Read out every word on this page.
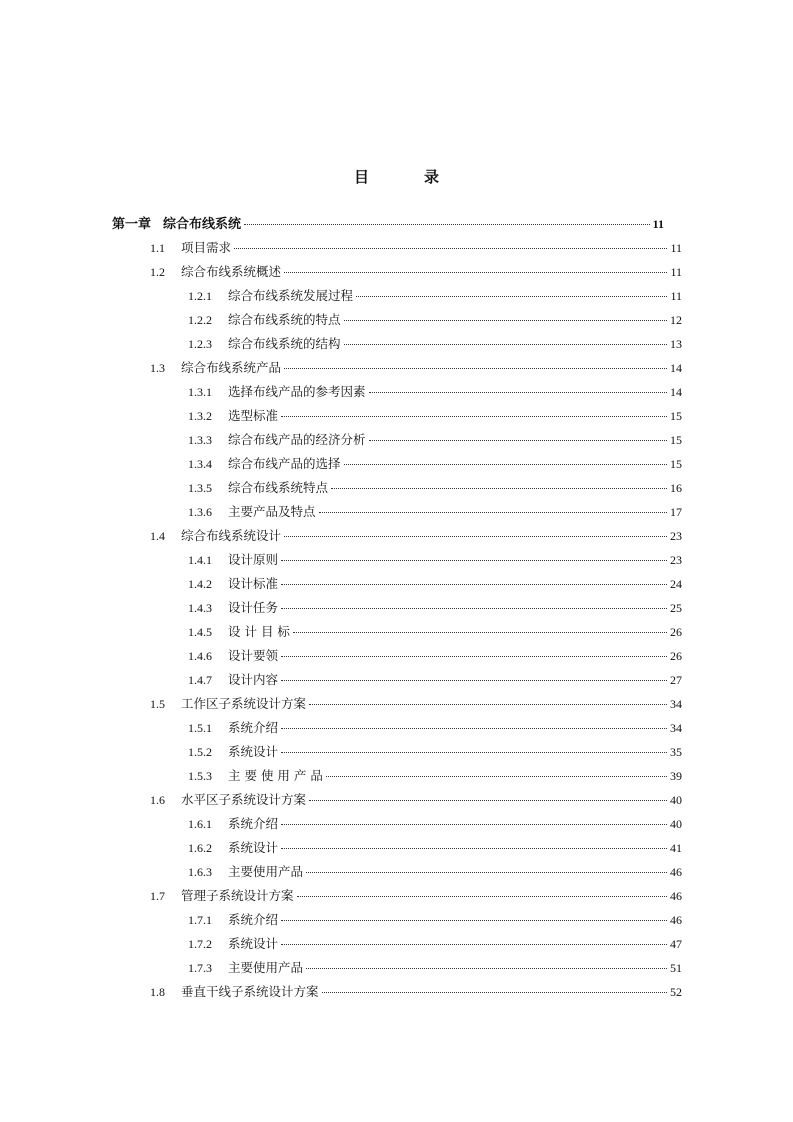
目　录
第一章 综合布线系统	11
1.1 项目需求	11
1.2 综合布线系统概述	11
1.2.1 综合布线系统发展过程	11
1.2.2 综合布线系统的特点	12
1.2.3 综合布线系统的结构	13
1.3 综合布线系统产品	14
1.3.1 选择布线产品的参考因素	14
1.3.2 选型标准	15
1.3.3 综合布线产品的经济分析	15
1.3.4 综合布线产品的选择	15
1.3.5 综合布线系统特点	16
1.3.6 主要产品及特点	17
1.4 综合布线系统设计	23
1.4.1 设计原则	23
1.4.2 设计标准	24
1.4.3 设计任务	25
1.4.5 设 计 目 标	26
1.4.6 设计要领	26
1.4.7 设计内容	27
1.5 工作区子系统设计方案	34
1.5.1 系统介绍	34
1.5.2 系统设计	35
1.5.3 主 要 使 用 产 品	39
1.6 水平区子系统设计方案	40
1.6.1 系统介绍	40
1.6.2 系统设计	41
1.6.3 主要使用产品	46
1.7 管理子系统设计方案	46
1.7.1 系统介绍	46
1.7.2 系统设计	47
1.7.3 主要使用产品	51
1.8 垂直干线子系统设计方案	52
